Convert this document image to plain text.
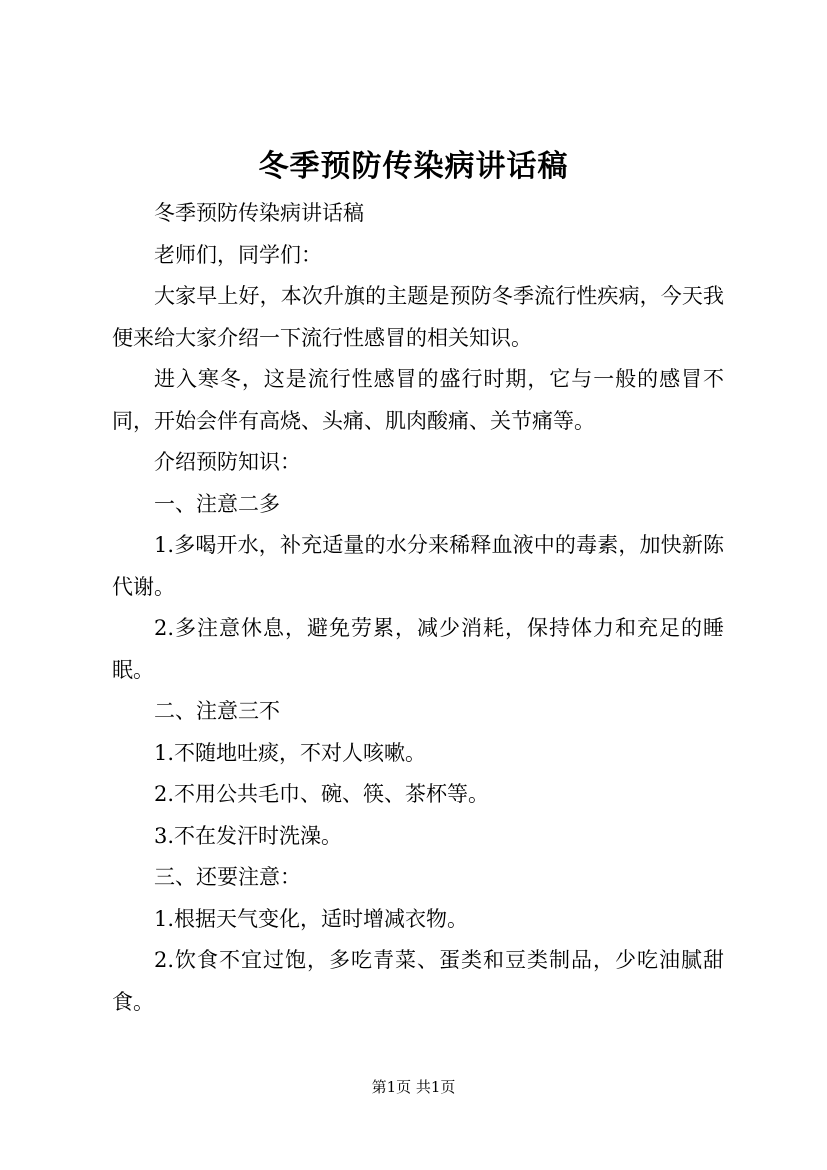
冬季预防传染病讲话稿

冬季预防传染病讲话稿

老师们，同学们：

大家早上好，本次升旗的主题是预防冬季流行性疾病，今天我便来给大家介绍一下流行性感冒的相关知识。

进入寒冬，这是流行性感冒的盛行时期，它与一般的感冒不同，开始会伴有高烧、头痛、肌肉酸痛、关节痛等。

介绍预防知识：

一、注意二多

1.多喝开水，补充适量的水分来稀释血液中的毒素，加快新陈代谢。

2.多注意休息，避免劳累，减少消耗，保持体力和充足的睡眠。

二、注意三不

1.不随地吐痰，不对人咳嗽。

2.不用公共毛巾、碗、筷、茶杯等。

3.不在发汗时洗澡。

三、还要注意：

1.根据天气变化，适时增减衣物。

2.饮食不宜过饱，多吃青菜、蛋类和豆类制品，少吃油腻甜食。

第1页 共1页
